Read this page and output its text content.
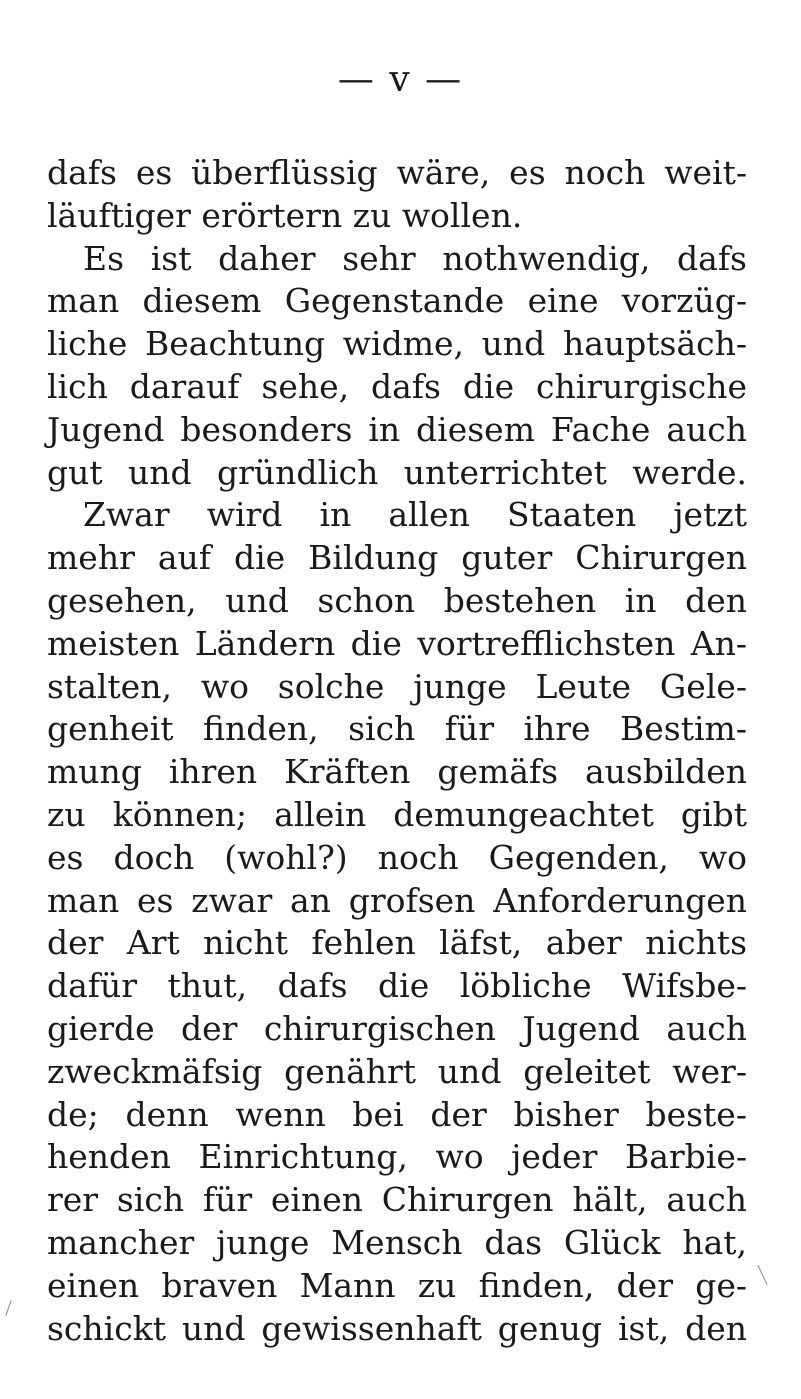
— v —
dafs es überflüssig wäre, es noch weit-
läuftiger erörtern zu wollen.
Es ist daher sehr nothwendig, dafs
man diesem Gegenstande eine vorzüg-
liche Beachtung widme, und hauptsäch-
lich darauf sehe, dafs die chirurgische
Jugend besonders in diesem Fache auch
gut und gründlich unterrichtet werde.
Zwar wird in allen Staaten jetzt
mehr auf die Bildung guter Chirurgen
gesehen, und schon bestehen in den
meisten Ländern die vortrefflichsten An-
stalten, wo solche junge Leute Gele-
genheit finden, sich für ihre Bestim-
mung ihren Kräften gemäfs ausbilden
zu können; allein demungeachtet gibt
es doch (wohl?) noch Gegenden, wo
man es zwar an grofsen Anforderungen
der Art nicht fehlen läfst, aber nichts
dafür thut, dafs die löbliche Wifsbe-
gierde der chirurgischen Jugend auch
zweckmäfsig genährt und geleitet wer-
de; denn wenn bei der bisher beste-
henden Einrichtung, wo jeder Barbie-
rer sich für einen Chirurgen hält, auch
mancher junge Mensch das Glück hat,
einen braven Mann zu finden, der ge-
schickt und gewissenhaft genug ist, den
